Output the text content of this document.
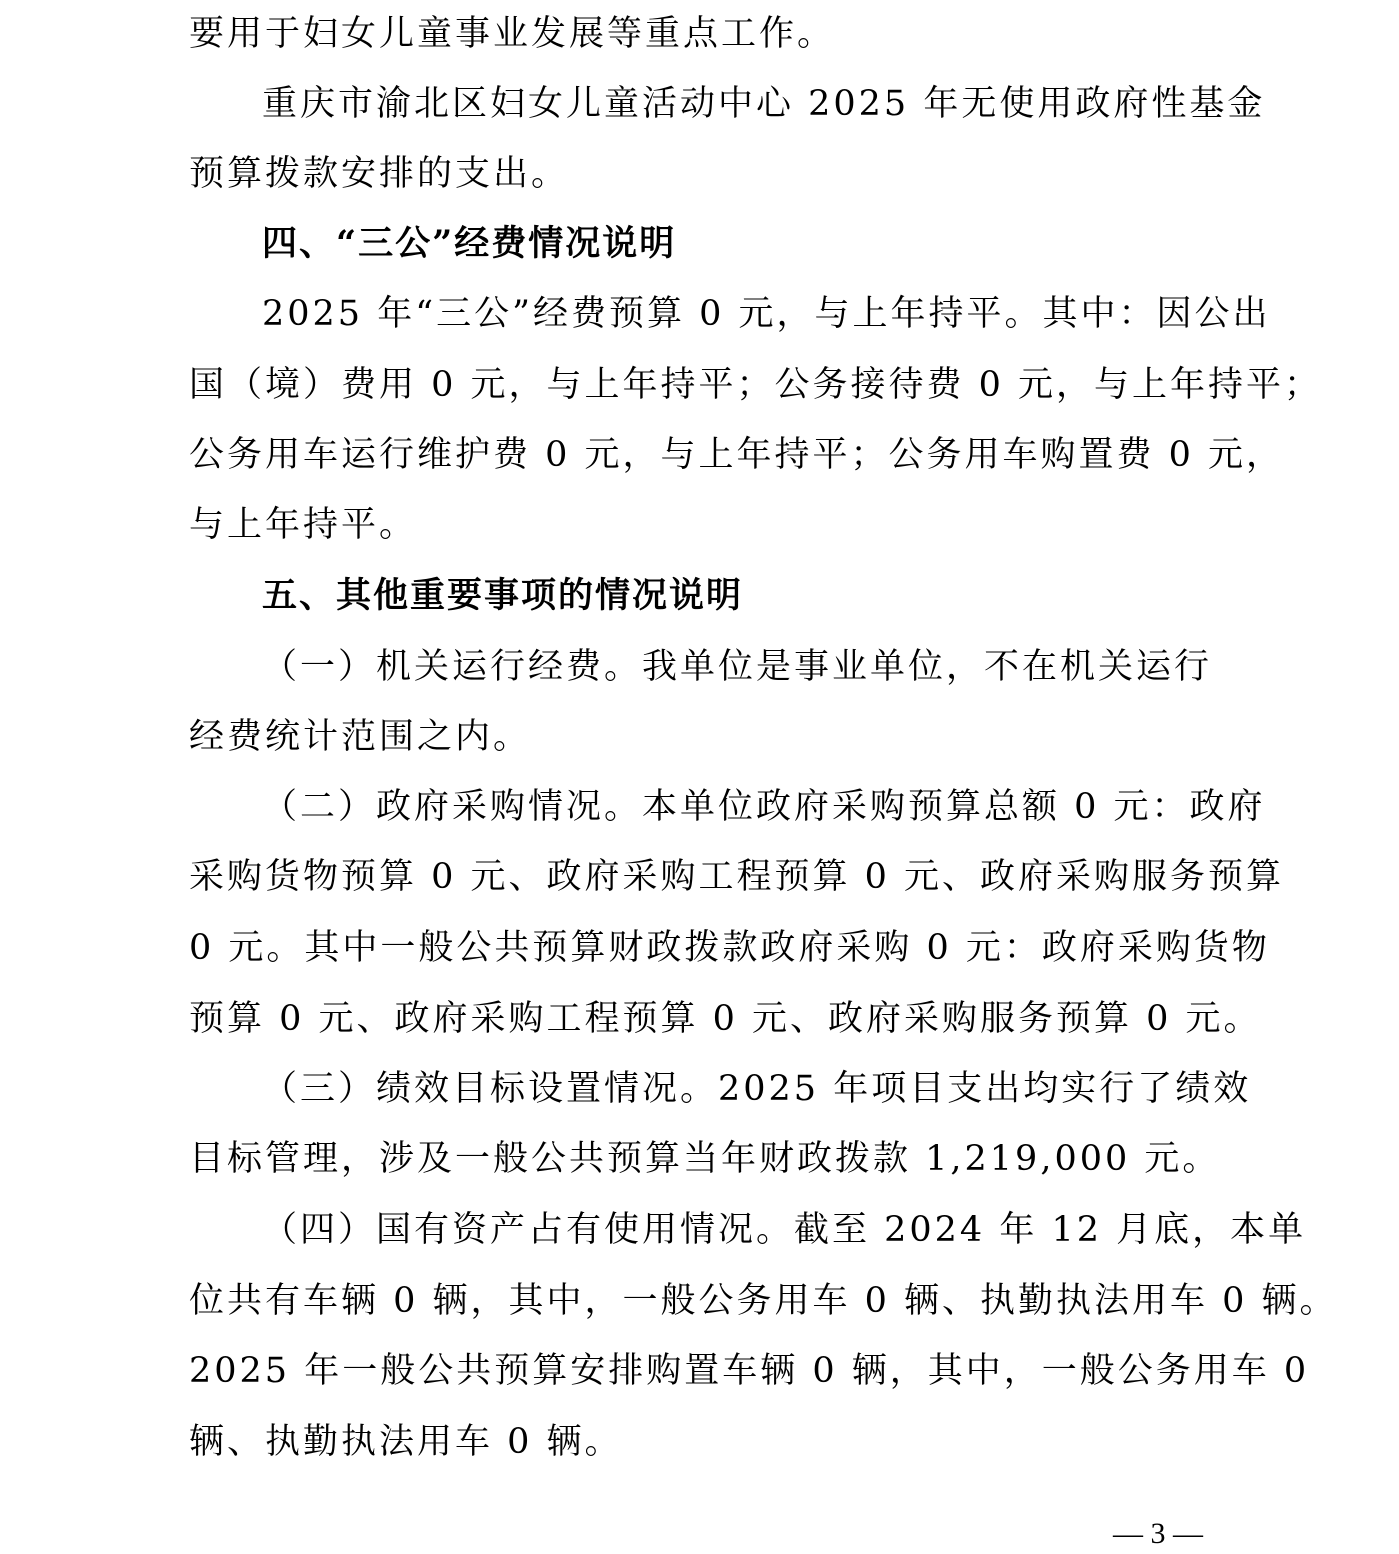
要用于妇女儿童事业发展等重点工作。
重庆市渝北区妇女儿童活动中心 2025 年无使用政府性基金
预算拨款安排的支出。
四、“三公”经费情况说明
2025 年“三公”经费预算 0 元，与上年持平。其中：因公出
国（境）费用 0 元，与上年持平；公务接待费 0 元，与上年持平；
公务用车运行维护费 0 元，与上年持平；公务用车购置费 0 元，
与上年持平。
五、其他重要事项的情况说明
（一）机关运行经费。我单位是事业单位，不在机关运行
经费统计范围之内。
（二）政府采购情况。本单位政府采购预算总额 0 元：政府
采购货物预算 0 元、政府采购工程预算 0 元、政府采购服务预算
0 元。其中一般公共预算财政拨款政府采购 0 元：政府采购货物
预算 0 元、政府采购工程预算 0 元、政府采购服务预算 0 元。
（三）绩效目标设置情况。2025 年项目支出均实行了绩效
目标管理，涉及一般公共预算当年财政拨款 1,219,000 元。
（四）国有资产占有使用情况。截至 2024 年 12 月底，本单
位共有车辆 0 辆，其中，一般公务用车 0 辆、执勤执法用车 0 辆。
2025 年一般公共预算安排购置车辆 0 辆，其中，一般公务用车 0
辆、执勤执法用车 0 辆。
— 3 —
